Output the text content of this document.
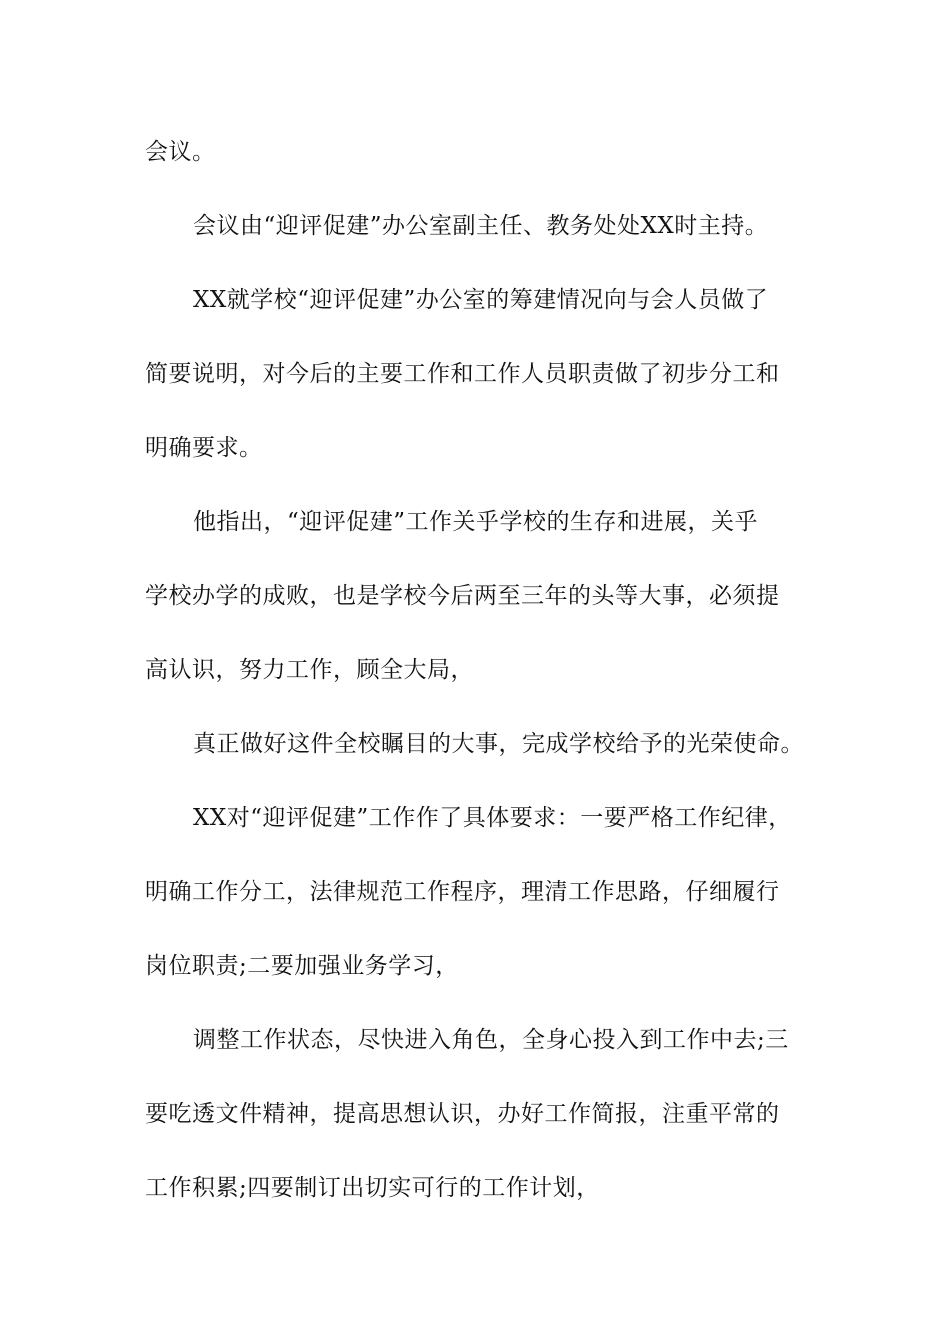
会议。
会议由“迎评促建”办公室副主任、教务处处XX时主持。
XX就学校“迎评促建”办公室的筹建情况向与会人员做了
简要说明，对今后的主要工作和工作人员职责做了初步分工和
明确要求。
他指出，“迎评促建”工作关乎学校的生存和进展，关乎
学校办学的成败，也是学校今后两至三年的头等大事，必须提
高认识，努力工作，顾全大局，
真正做好这件全校瞩目的大事，完成学校给予的光荣使命。
XX对“迎评促建”工作作了具体要求：一要严格工作纪律，
明确工作分工，法律规范工作程序，理清工作思路，仔细履行
岗位职责;二要加强业务学习，
调整工作状态，尽快进入角色，全身心投入到工作中去;三
要吃透文件精神，提高思想认识，办好工作简报，注重平常的
工作积累;四要制订出切实可行的工作计划，
